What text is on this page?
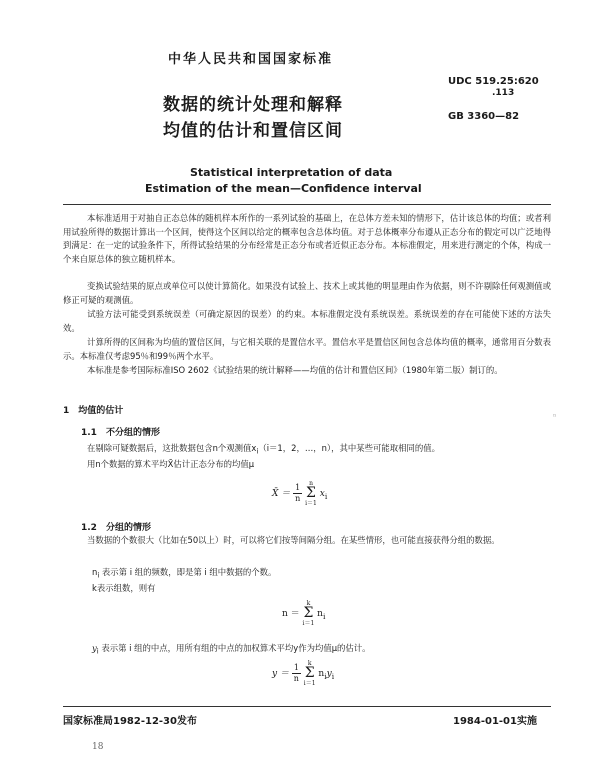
中华人民共和国国家标准
数据的统计处理和解释
均值的估计和置信区间
UDC 519.25:620
.113
GB 3360—82
Statistical interpretation of data
Estimation of the mean—Confidence interval
本标准适用于对抽自正态总体的随机样本所作的一系列试验的基础上，在总体方差未知的情形下，估计该总体的均值；或者利用试验所得的数据计算出一个区间，使得这个区间以给定的概率包含总体均值。对于总体概率分布遵从正态分布的假定可以广泛地得到满足：在一定的试验条件下，所得试验结果的分布经常是正态分布或者近似正态分布。本标准假定，用来进行测定的个体，构成一个来自原总体的独立随机样本。
变换试验结果的原点或单位可以使计算简化。如果没有试验上、技术上或其他的明显理由作为依据，则不许剔除任何观测值或修正可疑的观测值。
试验方法可能受到系统误差（可确定原因的误差）的约束。本标准假定没有系统误差。系统误差的存在可能使下述的方法失效。
计算所得的区间称为均值的置信区间，与它相关联的是置信水平。置信水平是置信区间包含总体均值的概率，通常用百分数表示。本标准仅考虑95％和99％两个水平。
本标准是参考国际标准ISO 2602《试验结果的统计解释——均值的估计和置信区间》（1980年第二版）制订的。
1　均值的估计
1.1　不分组的情形
在剔除可疑数据后，这批数据包含n个观测值$x_i(i=1$，2，…，n），其中某些可能取相同的值。
用n个数据的算术平均X̄估计正态分布的均值μ
X̄ ＝ $\frac{1}{n}$
	n
Σ
i＝1
$x_i$
1.2　分组的情形
当数据的个数很大（比如在50以上）时，可以将它们按等间隔分组。在某些情形，也可能直接获得分组的数据。
$n_i$ 表示第 i 组的频数，即是第 i 组中数据的个数。
k表示组数，则有
n ＝
k
Σ
i＝1
$n_i$
$y_i$ 表示第 i 组的中点，用所有组的中点的加权算术平均y作为均值μ的估计。
$y = \frac{1}{n}$
	k
Σ
i＝1
$n_iy_i$
国家标准局1982-12-30发布	1984-01-01实施
18
ⁿ
